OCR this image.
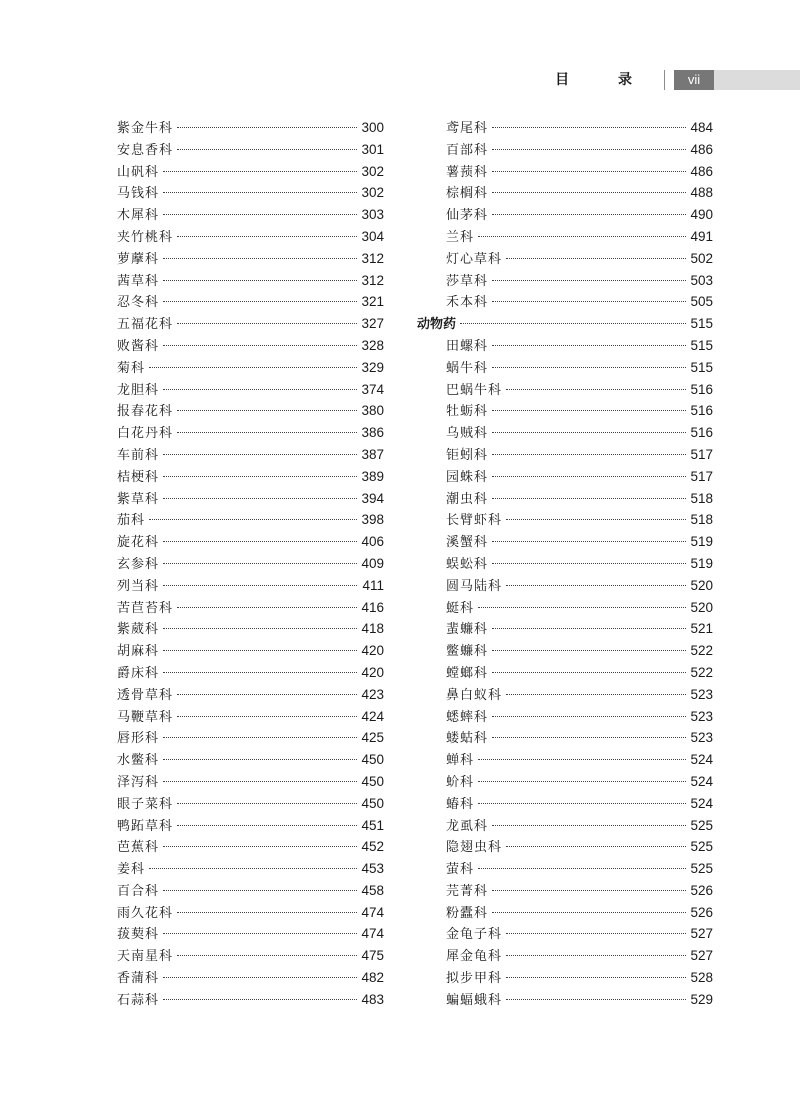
目 录	vii
紫金牛科	300
安息香科	301
山矾科	302
马钱科	302
木犀科	303
夹竹桃科	304
萝藦科	312
茜草科	312
忍冬科	321
五福花科	327
败酱科	328
菊科	329
龙胆科	374
报春花科	380
白花丹科	386
车前科	387
桔梗科	389
紫草科	394
茄科	398
旋花科	406
玄参科	409
列当科	411
苦苣苔科	416
紫葳科	418
胡麻科	420
爵床科	420
透骨草科	423
马鞭草科	424
唇形科	425
水鳖科	450
泽泻科	450
眼子菜科	450
鸭跖草科	451
芭蕉科	452
姜科	453
百合科	458
雨久花科	474
菝葜科	474
天南星科	475
香蒲科	482
石蒜科	483
鸢尾科	484
百部科	486
薯蓣科	486
棕榈科	488
仙茅科	490
兰科	491
灯心草科	502
莎草科	503
禾本科	505
动物药	515
田螺科	515
蜗牛科	515
巴蜗牛科	516
牡蛎科	516
乌贼科	516
钜蚓科	517
园蛛科	517
潮虫科	518
长臂虾科	518
溪蟹科	519
蜈蚣科	519
圆马陆科	520
蜓科	520
蜚蠊科	521
鳖蠊科	522
螳螂科	522
鼻白蚁科	523
蟋蟀科	523
蝼蛄科	523
蝉科	524
蚧科	524
蝽科	524
龙虱科	525
隐翅虫科	525
萤科	525
芫菁科	526
粉蠹科	526
金龟子科	527
犀金龟科	527
拟步甲科	528
蝙蝠蛾科	529
